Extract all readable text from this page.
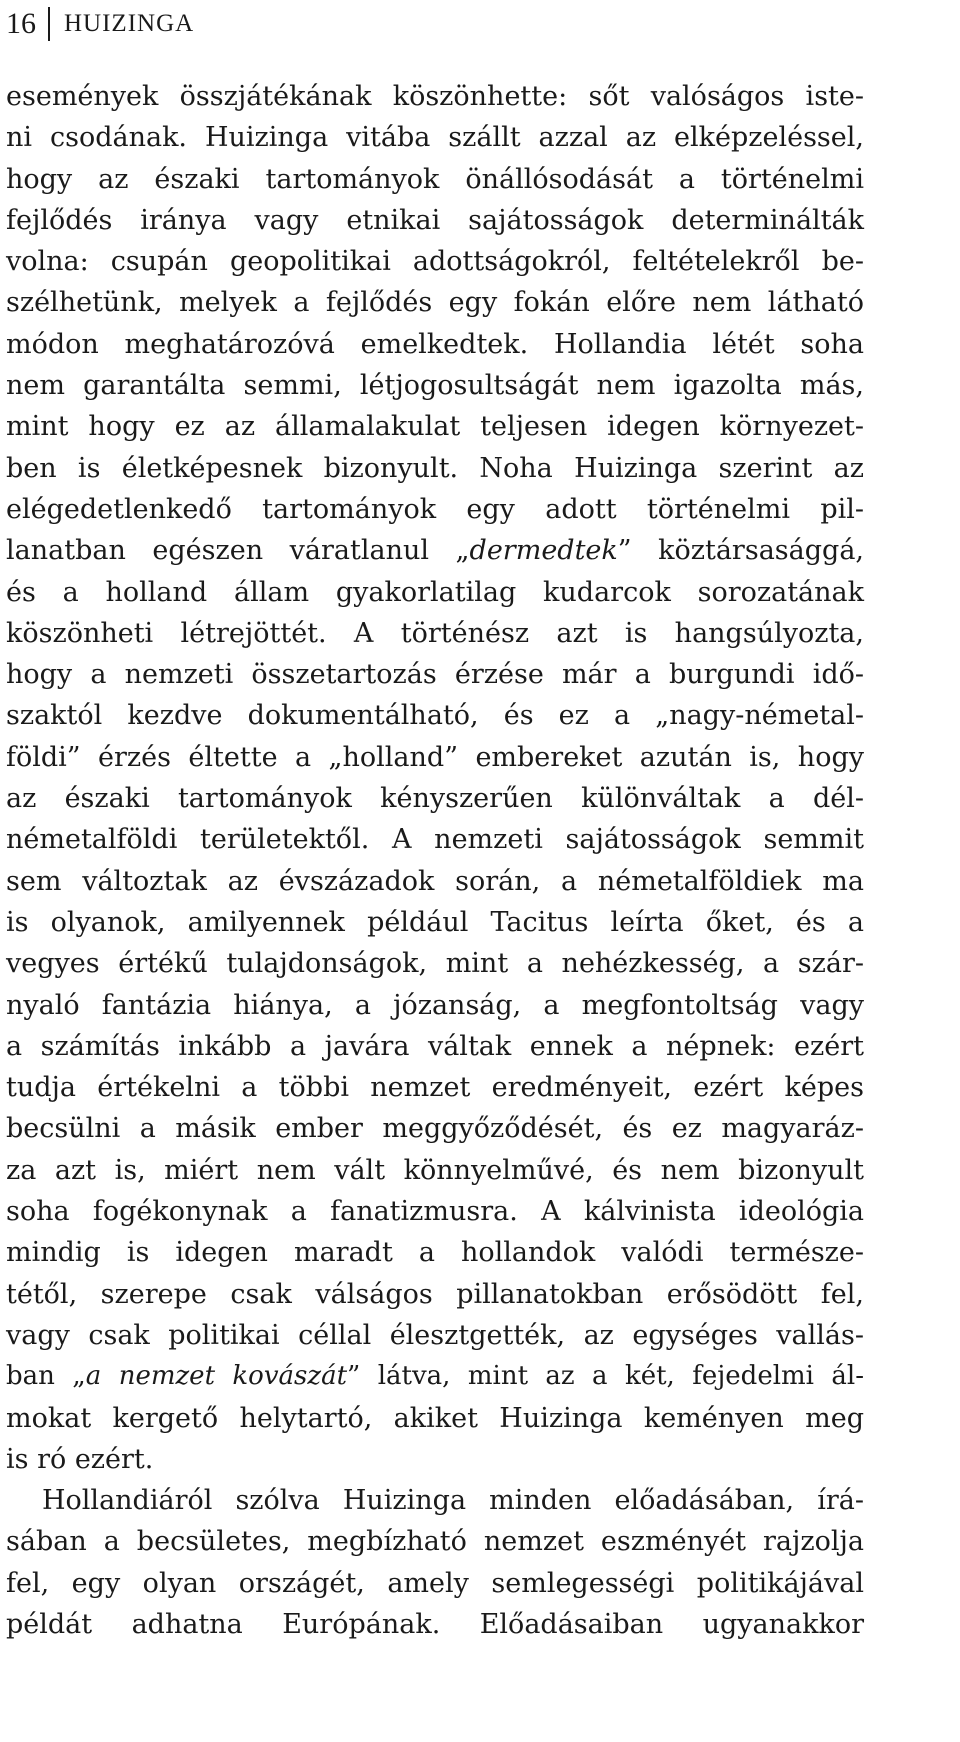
16	HUIZINGA
események összjátékának köszönhette: sőt valóságos iste-
ni csodának. Huizinga vitába szállt azzal az elképzeléssel,
hogy az északi tartományok önállósodását a történelmi
fejlődés iránya vagy etnikai sajátosságok determinálták
volna: csupán geopolitikai adottságokról, feltételekről be-
szélhetünk, melyek a fejlődés egy fokán előre nem látható
módon meghatározóvá emelkedtek. Hollandia létét soha
nem garantálta semmi, létjogosultságát nem igazolta más,
mint hogy ez az államalakulat teljesen idegen környezet-
ben is életképesnek bizonyult. Noha Huizinga szerint az
elégedetlenkedő tartományok egy adott történelmi pil-
lanatban egészen váratlanul „dermedtek” köztársasággá,
és a holland állam gyakorlatilag kudarcok sorozatának
köszönheti létrejöttét. A történész azt is hangsúlyozta,
hogy a nemzeti összetartozás érzése már a burgundi idő-
szaktól kezdve dokumentálható, és ez a „nagy-németal-
földi” érzés éltette a „holland” embereket azután is, hogy
az északi tartományok kényszerűen különváltak a dél-
németalföldi területektől. A nemzeti sajátosságok semmit
sem változtak az évszázadok során, a németalföldiek ma
is olyanok, amilyennek például Tacitus leírta őket, és a
vegyes értékű tulajdonságok, mint a nehézkesség, a szár-
nyaló fantázia hiánya, a józanság, a megfontoltság vagy
a számítás inkább a javára váltak ennek a népnek: ezért
tudja értékelni a többi nemzet eredményeit, ezért képes
becsülni a másik ember meggyőződését, és ez magyaráz-
za azt is, miért nem vált könnyelművé, és nem bizonyult
soha fogékonynak a fanatizmusra. A kálvinista ideológia
mindig is idegen maradt a hollandok valódi természe-
tétől, szerepe csak válságos pillanatokban erősödött fel,
vagy csak politikai céllal élesztgették, az egységes vallás-
ban „a nemzet kovászát” látva, mint az a két, fejedelmi ál-
mokat kergető helytartó, akiket Huizinga keményen meg
is ró ezért.
Hollandiáról szólva Huizinga minden előadásában, írá-
sában a becsületes, megbízható nemzet eszményét rajzolja
fel, egy olyan országét, amely semlegességi politikájával
példát adhatna Európának. Előadásaiban ugyanakkor
